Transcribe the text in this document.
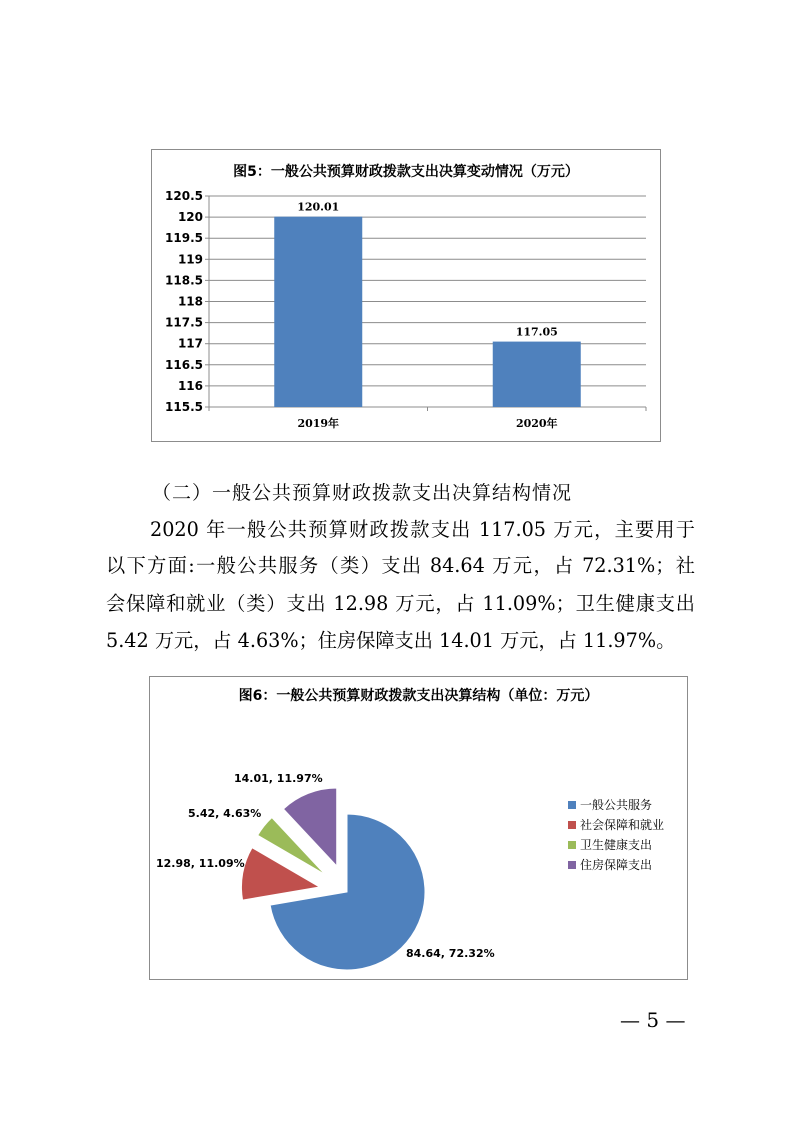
图5：一般公共预算财政拨款支出决算变动情况（万元）
115.5
116
116.5
117
117.5
118
118.5
119
119.5
120
120.5
120.01
2019年
117.05
2020年
（二）一般公共预算财政拨款支出决算结构情况
2020 年一般公共预算财政拨款支出 117.05 万元，主要用于
以下方面:一般公共服务（类）支出 84.64 万元，占 72.31%；社
会保障和就业（类）支出 12.98 万元，占 11.09%；卫生健康支出
5.42 万元，占 4.63%；住房保障支出 14.01 万元，占 11.97%。
图6：一般公共预算财政拨款支出决算结构（单位：万元）
84.64, 72.32%
12.98, 11.09%
5.42, 4.63%
14.01, 11.97%
一般公共服务
社会保障和就业
卫生健康支出
住房保障支出
— 5 —
